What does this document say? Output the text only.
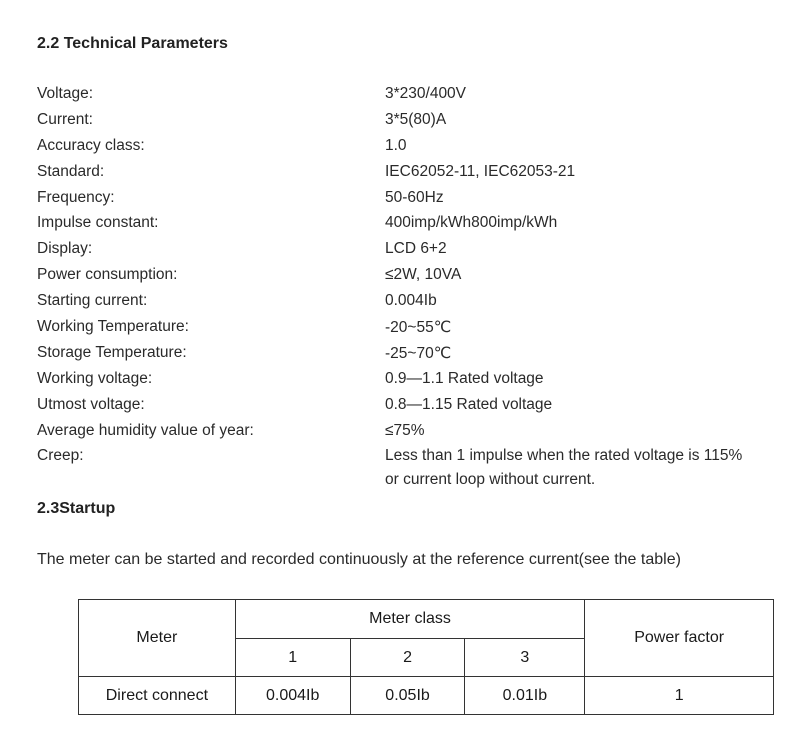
2.2 Technical Parameters
Voltage:	3*230/400V
Current:	3*5(80)A
Accuracy class:	1.0
Standard:	IEC62052-11, IEC62053-21
Frequency:	50-60Hz
Impulse constant:	400imp/kWh800imp/kWh
Display:	LCD 6+2
Power consumption:	≤2W, 10VA
Starting current:	0.004Ib
Working Temperature:	-20~55℃
Storage Temperature:	-25~70℃
Working voltage:	0.9—1.1 Rated voltage
Utmost voltage:	0.8—1.15 Rated voltage
Average humidity value of year:	≤75%
Creep:	Less than 1 impulse when the rated voltage is 115%
or current loop without current.
2.3Startup
The meter can be started and recorded continuously at the reference current(see the table)
Meter	Meter class			Power factor
	1	2	3	
Direct connect	0.004Ib	0.05Ib	0.01Ib	1
